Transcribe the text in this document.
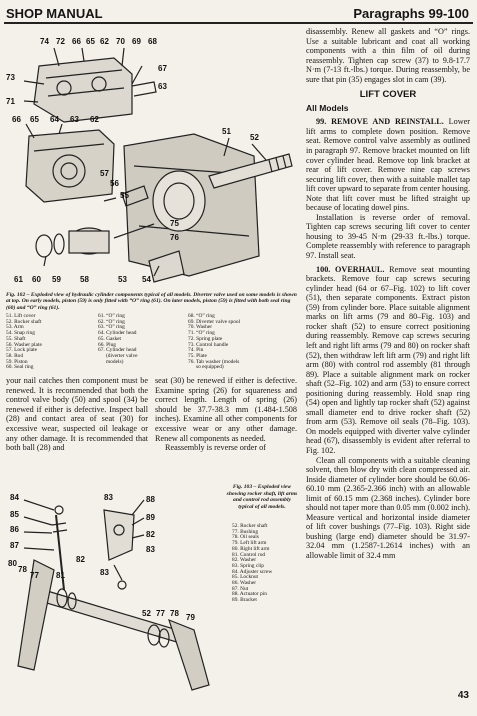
SHOP MANUAL	Paragraphs 99-100
74 72 66 65 62 70 69 68
73
71
67
63
66 65 64 63 62
51
52
57
56
55
75
76
61 60 59 58	53 54
Fig. 102 – Exploded view of hydraulic cylinder components typical of all models. Diverter valve used on some models is shown at top. On early models, piston (59) is only fitted with “O” ring (61). On later models, piston (59) is fitted with both seal ring (60) and “O” ring (61).
51. Lift cover
52. Rocker shaft
53. Arm
54. Snap ring
55. Shaft
56. Washer plate
57. Lock plate
58. Rod
59. Piston
60. Seal ring
61. “O” ring
62. “O” ring
63. “O” ring
64. Cylinder head
65. Gasket
66. Plug
67. Cylinder head
(diverter valve
models)
68. “O” ring
69. Diverter valve spool
70. Washer
71. “O” ring
72. Spring plate
73. Control handle
74. Pin
75. Plate
76. Tab washer (models
so equipped)

your nail catches then component must be renewed. It is recommended that both the control valve body (50) and spool (34) be renewed if either is defective. Inspect ball (28) and contact area of seat (30) for excessive wear, suspected oil leakage or any other damage. It is recommended that both ball (28) and

seat (30) be renewed if either is defective. Examine spring (26) for squareness and correct length. Length of spring (26) should be 37.7-38.3 mm (1.484-1.508 inches). Examine all other components for excessive wear or any other damage. Renew all components as needed.

Reassembly is reverse order of

84
85
86
87
80
78
77 81
82
83	88
89
82
83
83
52 77 78 79
Fig. 103 – Exploded view showing rocker shaft, lift arms and control rod assembly typical of all models.
52. Rocker shaft
77. Bushing
78. Oil seals
79. Left lift arm
80. Right lift arm
81. Control rod
82. Washer
83. Spring clip
84. Adjuster screw
85. Locknut
86. Washer
87. Nut
88. Actuator pin
89. Bracket

disassembly. Renew all gaskets and “O” rings. Use a suitable lubricant and coat all working components with a thin film of oil during reassembly. Tighten cap screw (37) to 9.8-17.7 N·m (7-13 ft.-lbs.) torque. During reassembly, be sure that pin (35) engages slot in cam (39).

LIFT COVER
All Models

99. REMOVE AND REINSTALL. Lower lift arms to complete down position. Remove seat. Remove control valve assembly as outlined in paragraph 97. Remove bracket mounted on lift cover cylinder head. Remove top link bracket at rear of lift cover. Remove nine cap screws securing lift cover, then with a suitable mallet tap lift cover upward to separate from center housing. Note that lift cover must be lifted straight up because of locating dowel pins.

Installation is reverse order of removal. Tighten cap screws securing lift cover to center housing to 39-45 N·m (29-33 ft.-lbs.) torque. Complete reassembly with reference to paragraph 97. Install seat.

100. OVERHAUL. Remove seat mounting brackets. Remove four cap screws securing cylinder head (64 or 67–Fig. 102) to lift cover (51), then separate components. Extract piston (59) from cylinder bore. Place suitable alignment marks on lift arms (79 and 80–Fig. 103) and rocker shaft (52) to ensure correct positioning during reassembly. Remove cap screws securing left and right lift arms (79 and 80) on rocker shaft (52), then withdraw left lift arm (79) and right lift arm (80) with control rod assembly (81 through 89). Place a suitable alignment mark on rocker shaft (52–Fig. 102) and arm (53) to ensure correct positioning during reassembly. Hold snap ring (54) open and lightly tap rocker shaft (52) against small diameter end to drive rocker shaft (52) from arm (53). Remove oil seals (78–Fig. 103). On models equipped with diverter valve cylinder head (67), disassembly is evident after referral to Fig. 102.

Clean all components with a suitable cleaning solvent, then blow dry with clean compressed air. Inside diameter of cylinder bore should be 60.06-60.10 mm (2.365-2.366 inch) with an allowable limit of 60.15 mm (2.368 inches). Cylinder bore should not taper more than 0.05 mm (0.002 inch). Measure vertical and horizontal inside diameter of lift cover bushings (77–Fig. 103). Right side bushing (large end) diameter should be 31.97-32.04 mm (1.2587-1.2614 inches) with an allowable limit of 32.4 mm

43
